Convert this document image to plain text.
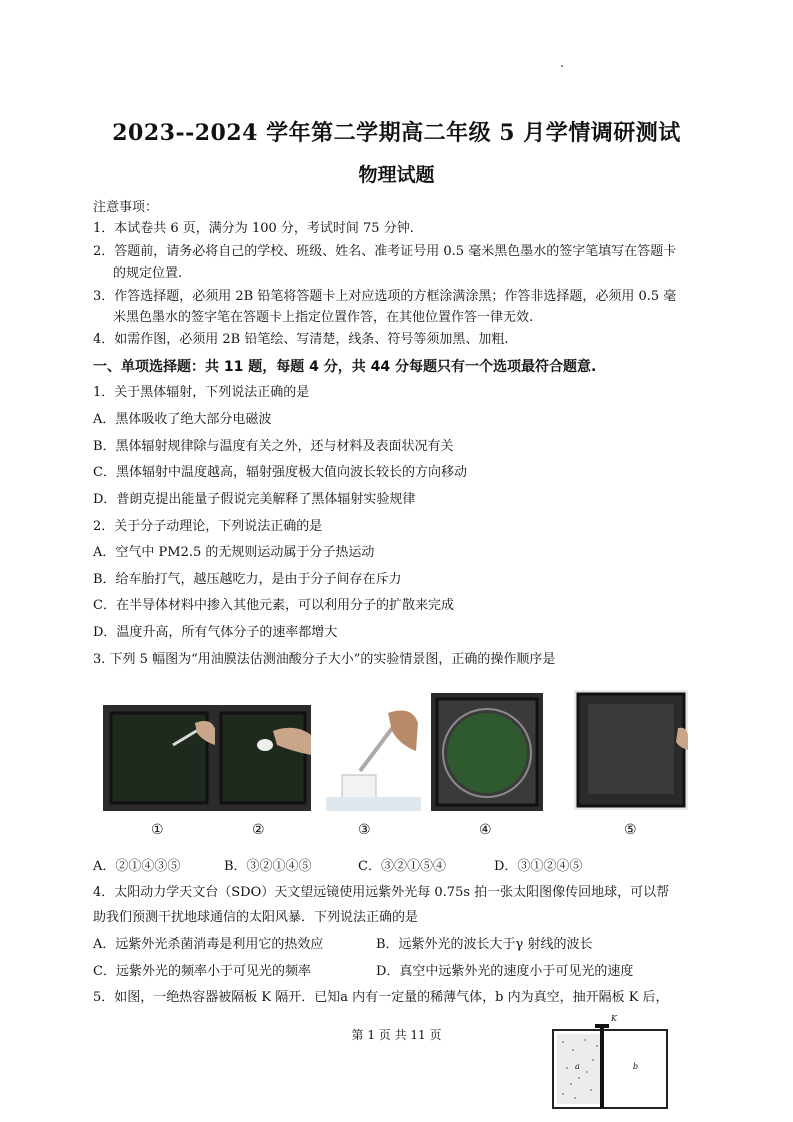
2023--2024 学年第二学期高二年级 5 月学情调研测试
物理试题
注意事项：
1．本试卷共 6 页，满分为 100 分，考试时间 75 分钟.
2．答题前，请务必将自己的学校、班级、姓名、准考证号用 0.5 毫米黑色墨水的签字笔填写在答题卡
的规定位置.
3．作答选择题，必须用 2B 铅笔将答题卡上对应选项的方框涂满涂黑；作答非选择题，必须用 0.5 毫
米黑色墨水的签字笔在答题卡上指定位置作答，在其他位置作答一律无效.
4．如需作图，必须用 2B 铅笔绘、写清楚，线条、符号等须加黑、加粗.
一、单项选择题：共 11 题，每题 4 分，共 44 分每题只有一个选项最符合题意.
1．关于黑体辐射，下列说法正确的是
A．黑体吸收了绝大部分电磁波
B．黑体辐射规律除与温度有关之外，还与材料及表面状况有关
C．黑体辐射中温度越高，辐射强度极大值向波长较长的方向移动
D．普朗克提出能量子假说完美解释了黑体辐射实验规律
2．关于分子动理论，下列说法正确的是
A．空气中 PM2.5 的无规则运动属于分子热运动
B．给车胎打气，越压越吃力，是由于分子间存在斥力
C．在半导体材料中掺入其他元素，可以利用分子的扩散来完成
D．温度升高，所有气体分子的速率都增大
3. 下列 5 幅图为“用油膜法估测油酸分子大小”的实验情景图，正确的操作顺序是
①	②	③	④	⑤
A．②①④③⑤	B．③②①④⑤	C．③②①⑤④	D．③①②④⑤
4．太阳动力学天文台（SDO）天文望远镜使用远紫外光每 0.75s 拍一张太阳图像传回地球，可以帮
助我们预测干扰地球通信的太阳风暴．下列说法正确的是
A．远紫外光杀菌消毒是利用它的热效应	B．远紫外光的波长大于γ 射线的波长
C．远紫外光的频率小于可见光的频率	D．真空中远紫外光的速度小于可见光的速度
5．如图，一绝热容器被隔板 K 隔开．已知a 内有一定量的稀薄气体，b 内为真空，抽开隔板 K 后，
K
a	b
第 1 页 共 11 页
